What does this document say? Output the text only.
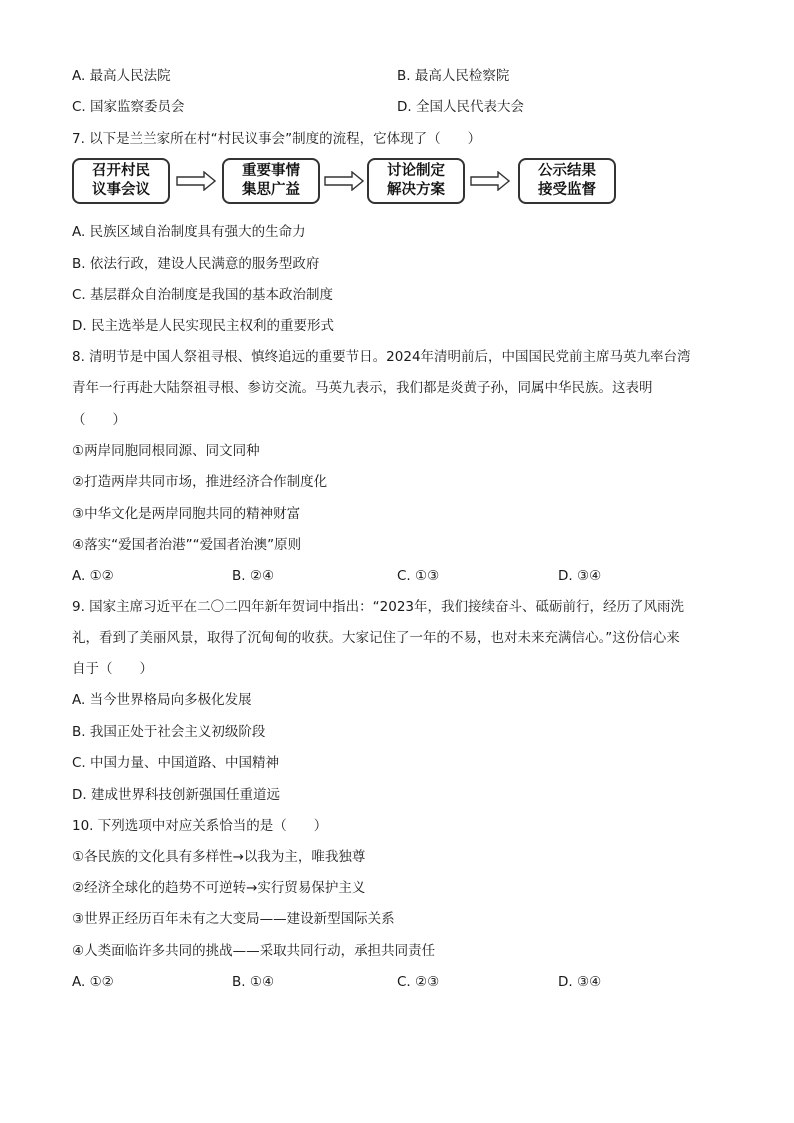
A. 最高人民法院	B. 最高人民检察院
C. 国家监察委员会	D. 全国人民代表大会
7. 以下是兰兰家所在村“村民议事会”制度的流程，它体现了（　　）
召开村民
议事会议
重要事情
集思广益
讨论制定
解决方案
公示结果
接受监督
A. 民族区域自治制度具有强大的生命力
B. 依法行政，建设人民满意的服务型政府
C. 基层群众自治制度是我国的基本政治制度
D. 民主选举是人民实现民主权利的重要形式
8. 清明节是中国人祭祖寻根、慎终追远的重要节日。2024年清明前后，中国国民党前主席马英九率台湾
青年一行再赴大陆祭祖寻根、参访交流。马英九表示，我们都是炎黄子孙，同属中华民族。这表明
（　　）
①两岸同胞同根同源、同文同种
②打造两岸共同市场，推进经济合作制度化
③中华文化是两岸同胞共同的精神财富
④落实“爱国者治港”“爱国者治澳”原则
A. ①②	B. ②④	C. ①③	D. ③④
9. 国家主席习近平在二〇二四年新年贺词中指出：“2023年，我们接续奋斗、砥砺前行，经历了风雨洗
礼，看到了美丽风景，取得了沉甸甸的收获。大家记住了一年的不易，也对未来充满信心。”这份信心来
自于（　　）
A. 当今世界格局向多极化发展
B. 我国正处于社会主义初级阶段
C. 中国力量、中国道路、中国精神
D. 建成世界科技创新强国任重道远
10. 下列选项中对应关系恰当的是（　　）
①各民族的文化具有多样性→以我为主，唯我独尊
②经济全球化的趋势不可逆转→实行贸易保护主义
③世界正经历百年未有之大变局——建设新型国际关系
④人类面临许多共同的挑战——采取共同行动，承担共同责任
A. ①②	B. ①④	C. ②③	D. ③④
